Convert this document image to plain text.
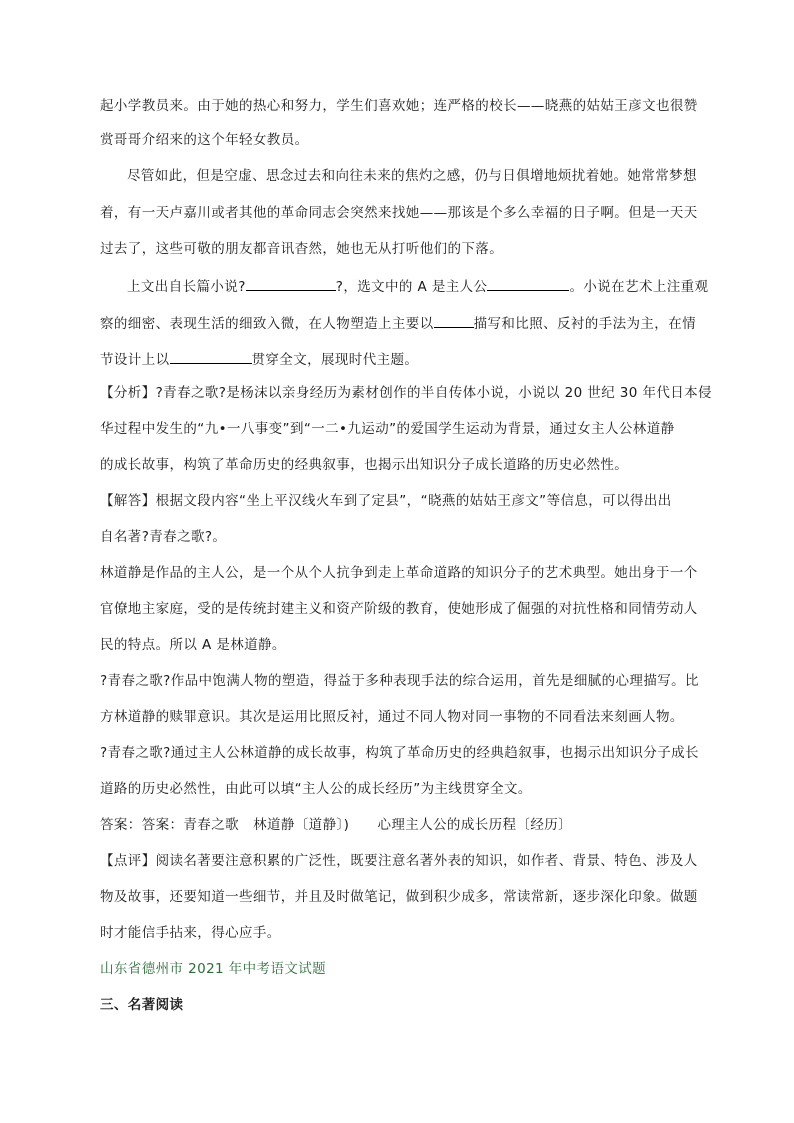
起小学教员来。由于她的热心和努力，学生们喜欢她；连严格的校长——晓燕的姑姑王彦文也很赞

赏哥哥介绍来的这个年轻女教员。

尽管如此，但是空虚、思念过去和向往未来的焦灼之感，仍与日俱增地烦扰着她。她常常梦想

着，有一天卢嘉川或者其他的革命同志会突然来找她——那该是个多么幸福的日子啊。但是一天天

过去了，这些可敬的朋友都音讯杳然，她也无从打听他们的下落。

上文出自长篇小说?	?，选文中的 A 是主人公	。小说在艺术上注重观

察的细密、表现生活的细致入微，在人物塑造上主要以	描写和比照、反衬的手法为主，在情

节设计上以	贯穿全文，展现时代主题。

【分析】?青春之歌?是杨沫以亲身经历为素材创作的半自传体小说，小说以 20 世纪 30 年代日本侵

华过程中发生的“九•一八事变”到“一二•九运动”的爱国学生运动为背景，通过女主人公林道静

的成长故事，构筑了革命历史的经典叙事，也揭示出知识分子成长道路的历史必然性。

【解答】根据文段内容“坐上平汉线火车到了定县”，“晓燕的姑姑王彦文”等信息，可以得出出

自名著?青春之歌?。

林道静是作品的主人公，是一个从个人抗争到走上革命道路的知识分子的艺术典型。她出身于一个

官僚地主家庭，受的是传统封建主义和资产阶级的教育，使她形成了倔强的对抗性格和同情劳动人

民的特点。所以 A 是林道静。

?青春之歌?作品中饱满人物的塑造，得益于多种表现手法的综合运用，首先是细腻的心理描写。比

方林道静的赎罪意识。其次是运用比照反衬，通过不同人物对同一事物的不同看法来刻画人物。

?青春之歌?通过主人公林道静的成长故事，构筑了革命历史的经典趋叙事，也揭示出知识分子成长

道路的历史必然性，由此可以填“主人公的成长经历”为主线贯穿全文。

答案：答案：青春之歌   林道静〔道静〕)      心理主人公的成长历程〔经历〕

【点评】阅读名著要注意积累的广泛性，既要注意名著外表的知识，如作者、背景、特色、涉及人

物及故事，还要知道一些细节，并且及时做笔记，做到积少成多，常读常新，逐步深化印象。做题

时才能信手拈来，得心应手。

山东省德州市 2021 年中考语文试题

三、名著阅读
